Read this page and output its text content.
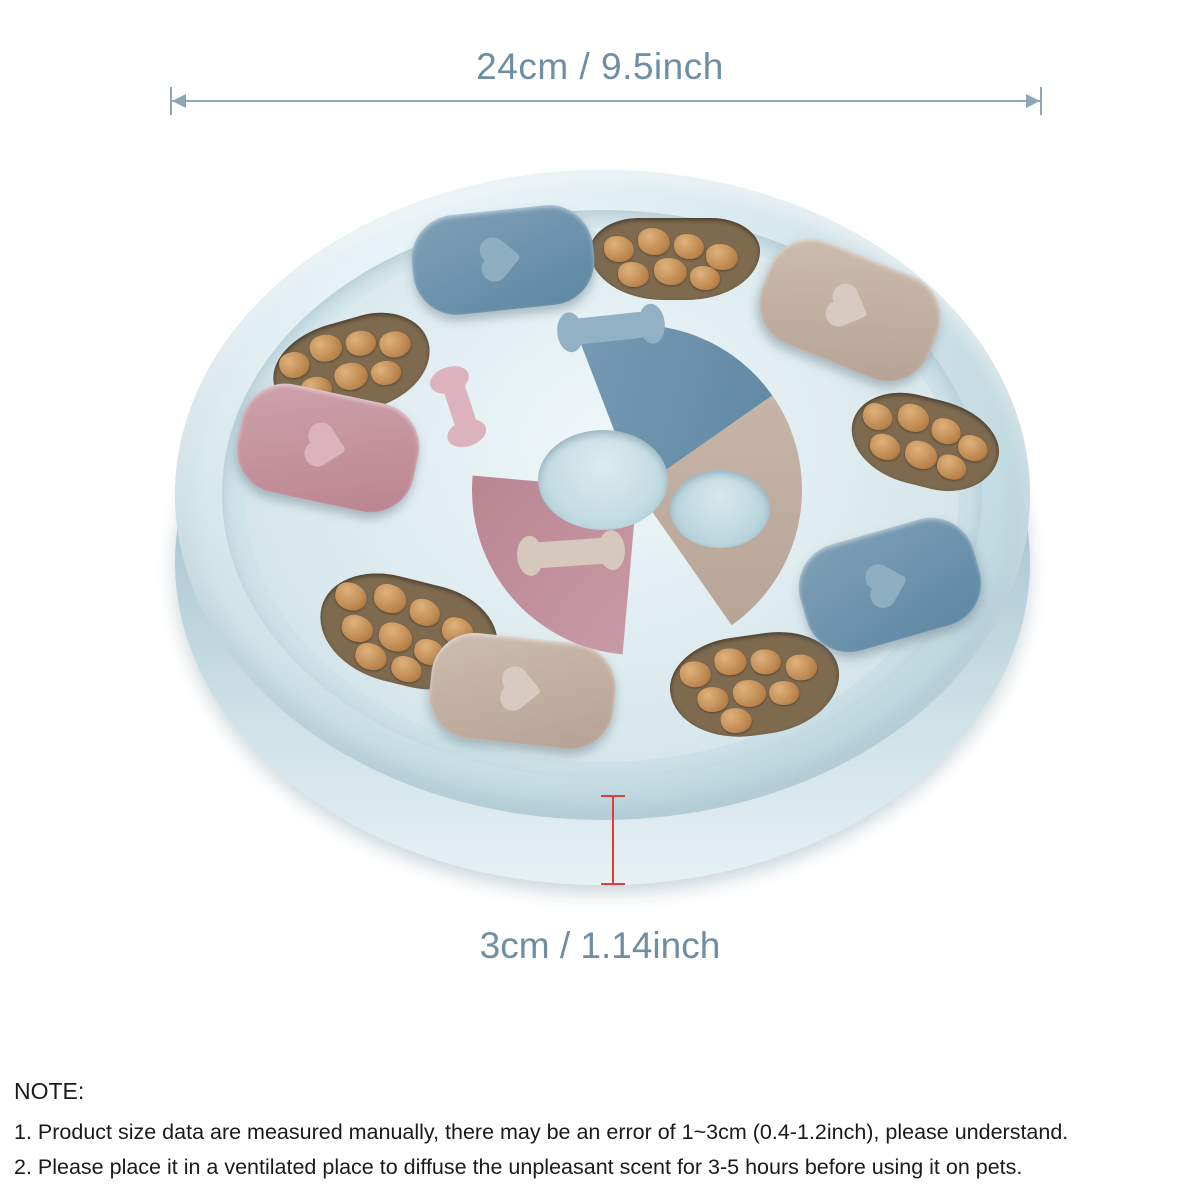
24cm / 9.5inch
3cm / 1.14inch
NOTE:
1. Product size data are measured manually, there may be an error of 1~3cm (0.4-1.2inch), please understand.
2. Please place it in a ventilated place to diffuse the unpleasant scent for 3-5 hours before using it on pets.
